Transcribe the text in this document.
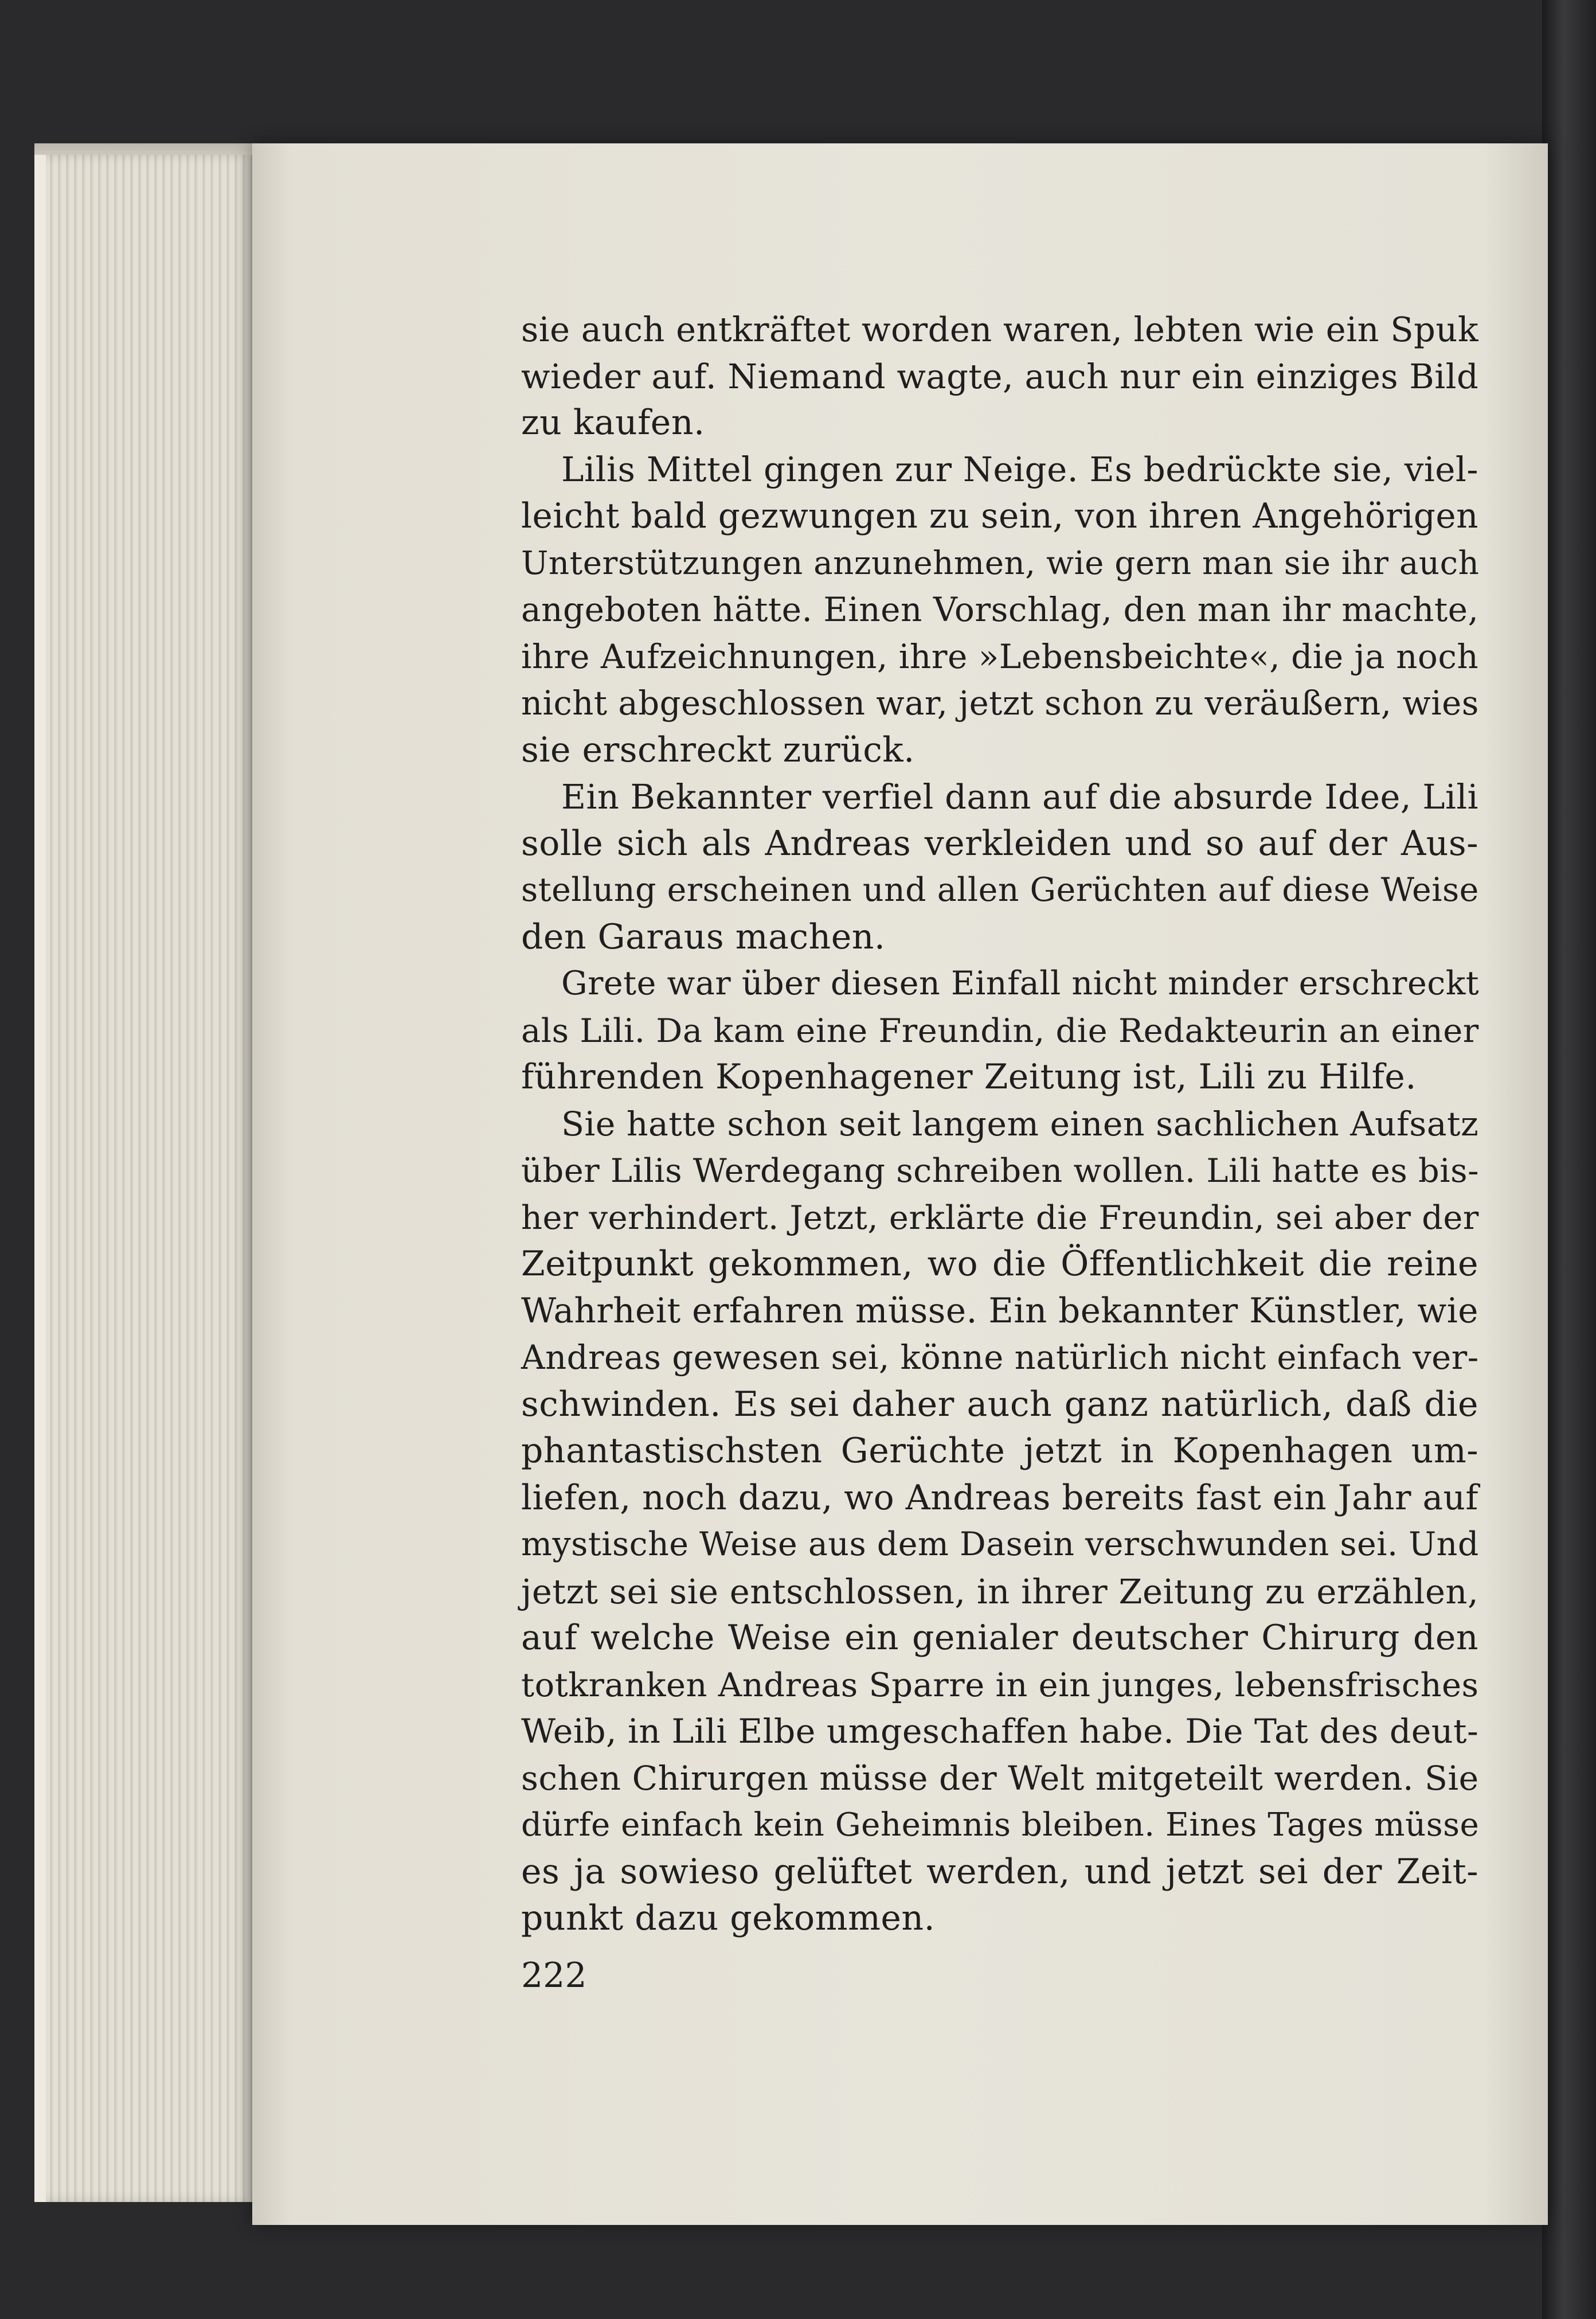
sie auch entkräftet worden waren, lebten wie ein Spuk
wieder auf. Niemand wagte, auch nur ein einziges Bild
zu kaufen.

Lilis Mittel gingen zur Neige. Es bedrückte sie, viel-
leicht bald gezwungen zu sein, von ihren Angehörigen
Unterstützungen anzunehmen, wie gern man sie ihr auch
angeboten hätte. Einen Vorschlag, den man ihr machte,
ihre Aufzeichnungen, ihre »Lebensbeichte«, die ja noch
nicht abgeschlossen war, jetzt schon zu veräußern, wies
sie erschreckt zurück.

Ein Bekannter verfiel dann auf die absurde Idee, Lili
solle sich als Andreas verkleiden und so auf der Aus-
stellung erscheinen und allen Gerüchten auf diese Weise
den Garaus machen.

Grete war über diesen Einfall nicht minder erschreckt
als Lili. Da kam eine Freundin, die Redakteurin an einer
führenden Kopenhagener Zeitung ist, Lili zu Hilfe.

Sie hatte schon seit langem einen sachlichen Aufsatz
über Lilis Werdegang schreiben wollen. Lili hatte es bis-
her verhindert. Jetzt, erklärte die Freundin, sei aber der
Zeitpunkt gekommen, wo die Öffentlichkeit die reine
Wahrheit erfahren müsse. Ein bekannter Künstler, wie
Andreas gewesen sei, könne natürlich nicht einfach ver-
schwinden. Es sei daher auch ganz natürlich, daß die
phantastischsten Gerüchte jetzt in Kopenhagen um-
liefen, noch dazu, wo Andreas bereits fast ein Jahr auf
mystische Weise aus dem Dasein verschwunden sei. Und
jetzt sei sie entschlossen, in ihrer Zeitung zu erzählen,
auf welche Weise ein genialer deutscher Chirurg den
totkranken Andreas Sparre in ein junges, lebensfrisches
Weib, in Lili Elbe umgeschaffen habe. Die Tat des deut-
schen Chirurgen müsse der Welt mitgeteilt werden. Sie
dürfe einfach kein Geheimnis bleiben. Eines Tages müsse
es ja sowieso gelüftet werden, und jetzt sei der Zeit-
punkt dazu gekommen.

222
